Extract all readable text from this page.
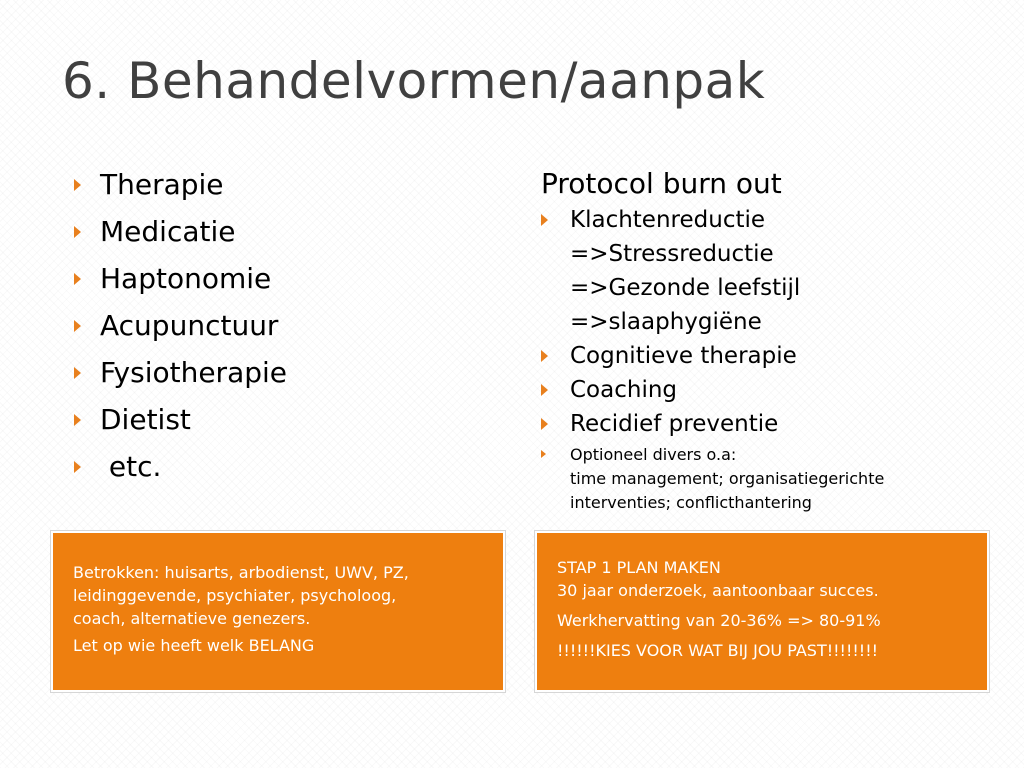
6. Behandelvormen/aanpak
Therapie
Medicatie
Haptonomie
Acupunctuur
Fysiotherapie
Dietist
etc.
Protocol burn out
Klachtenreductie
=>Stressreductie
=>Gezonde leefstijl
=>slaaphygiëne
Cognitieve therapie
Coaching
Recidief preventie
Optioneel divers o.a:
time management; organisatiegerichte
interventies; conflicthantering

Betrokken: huisarts, arbodienst, UWV, PZ,

leidinggevende, psychiater, psycholoog,

coach, alternatieve genezers.

Let op wie heeft welk BELANG

STAP 1 PLAN MAKEN

30 jaar onderzoek, aantoonbaar succes.

Werkhervatting van 20-36% => 80-91%

!!!!!!KIES VOOR WAT BIJ JOU PAST!!!!!!!!
